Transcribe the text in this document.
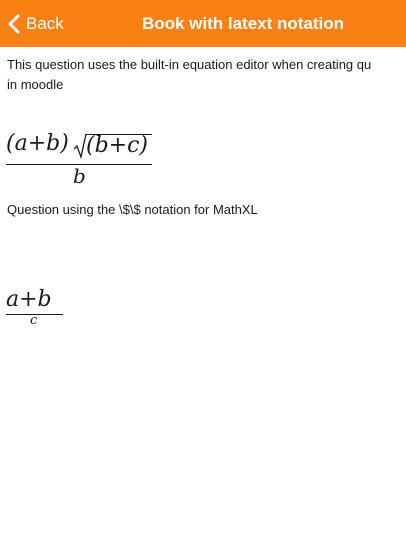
Back	Book with latext notation
This question uses the built-in equation editor when creating qu
in moodle
(a+b) (b+c)
b
Question using the \$\$ notation for MathXL
a+b
c
